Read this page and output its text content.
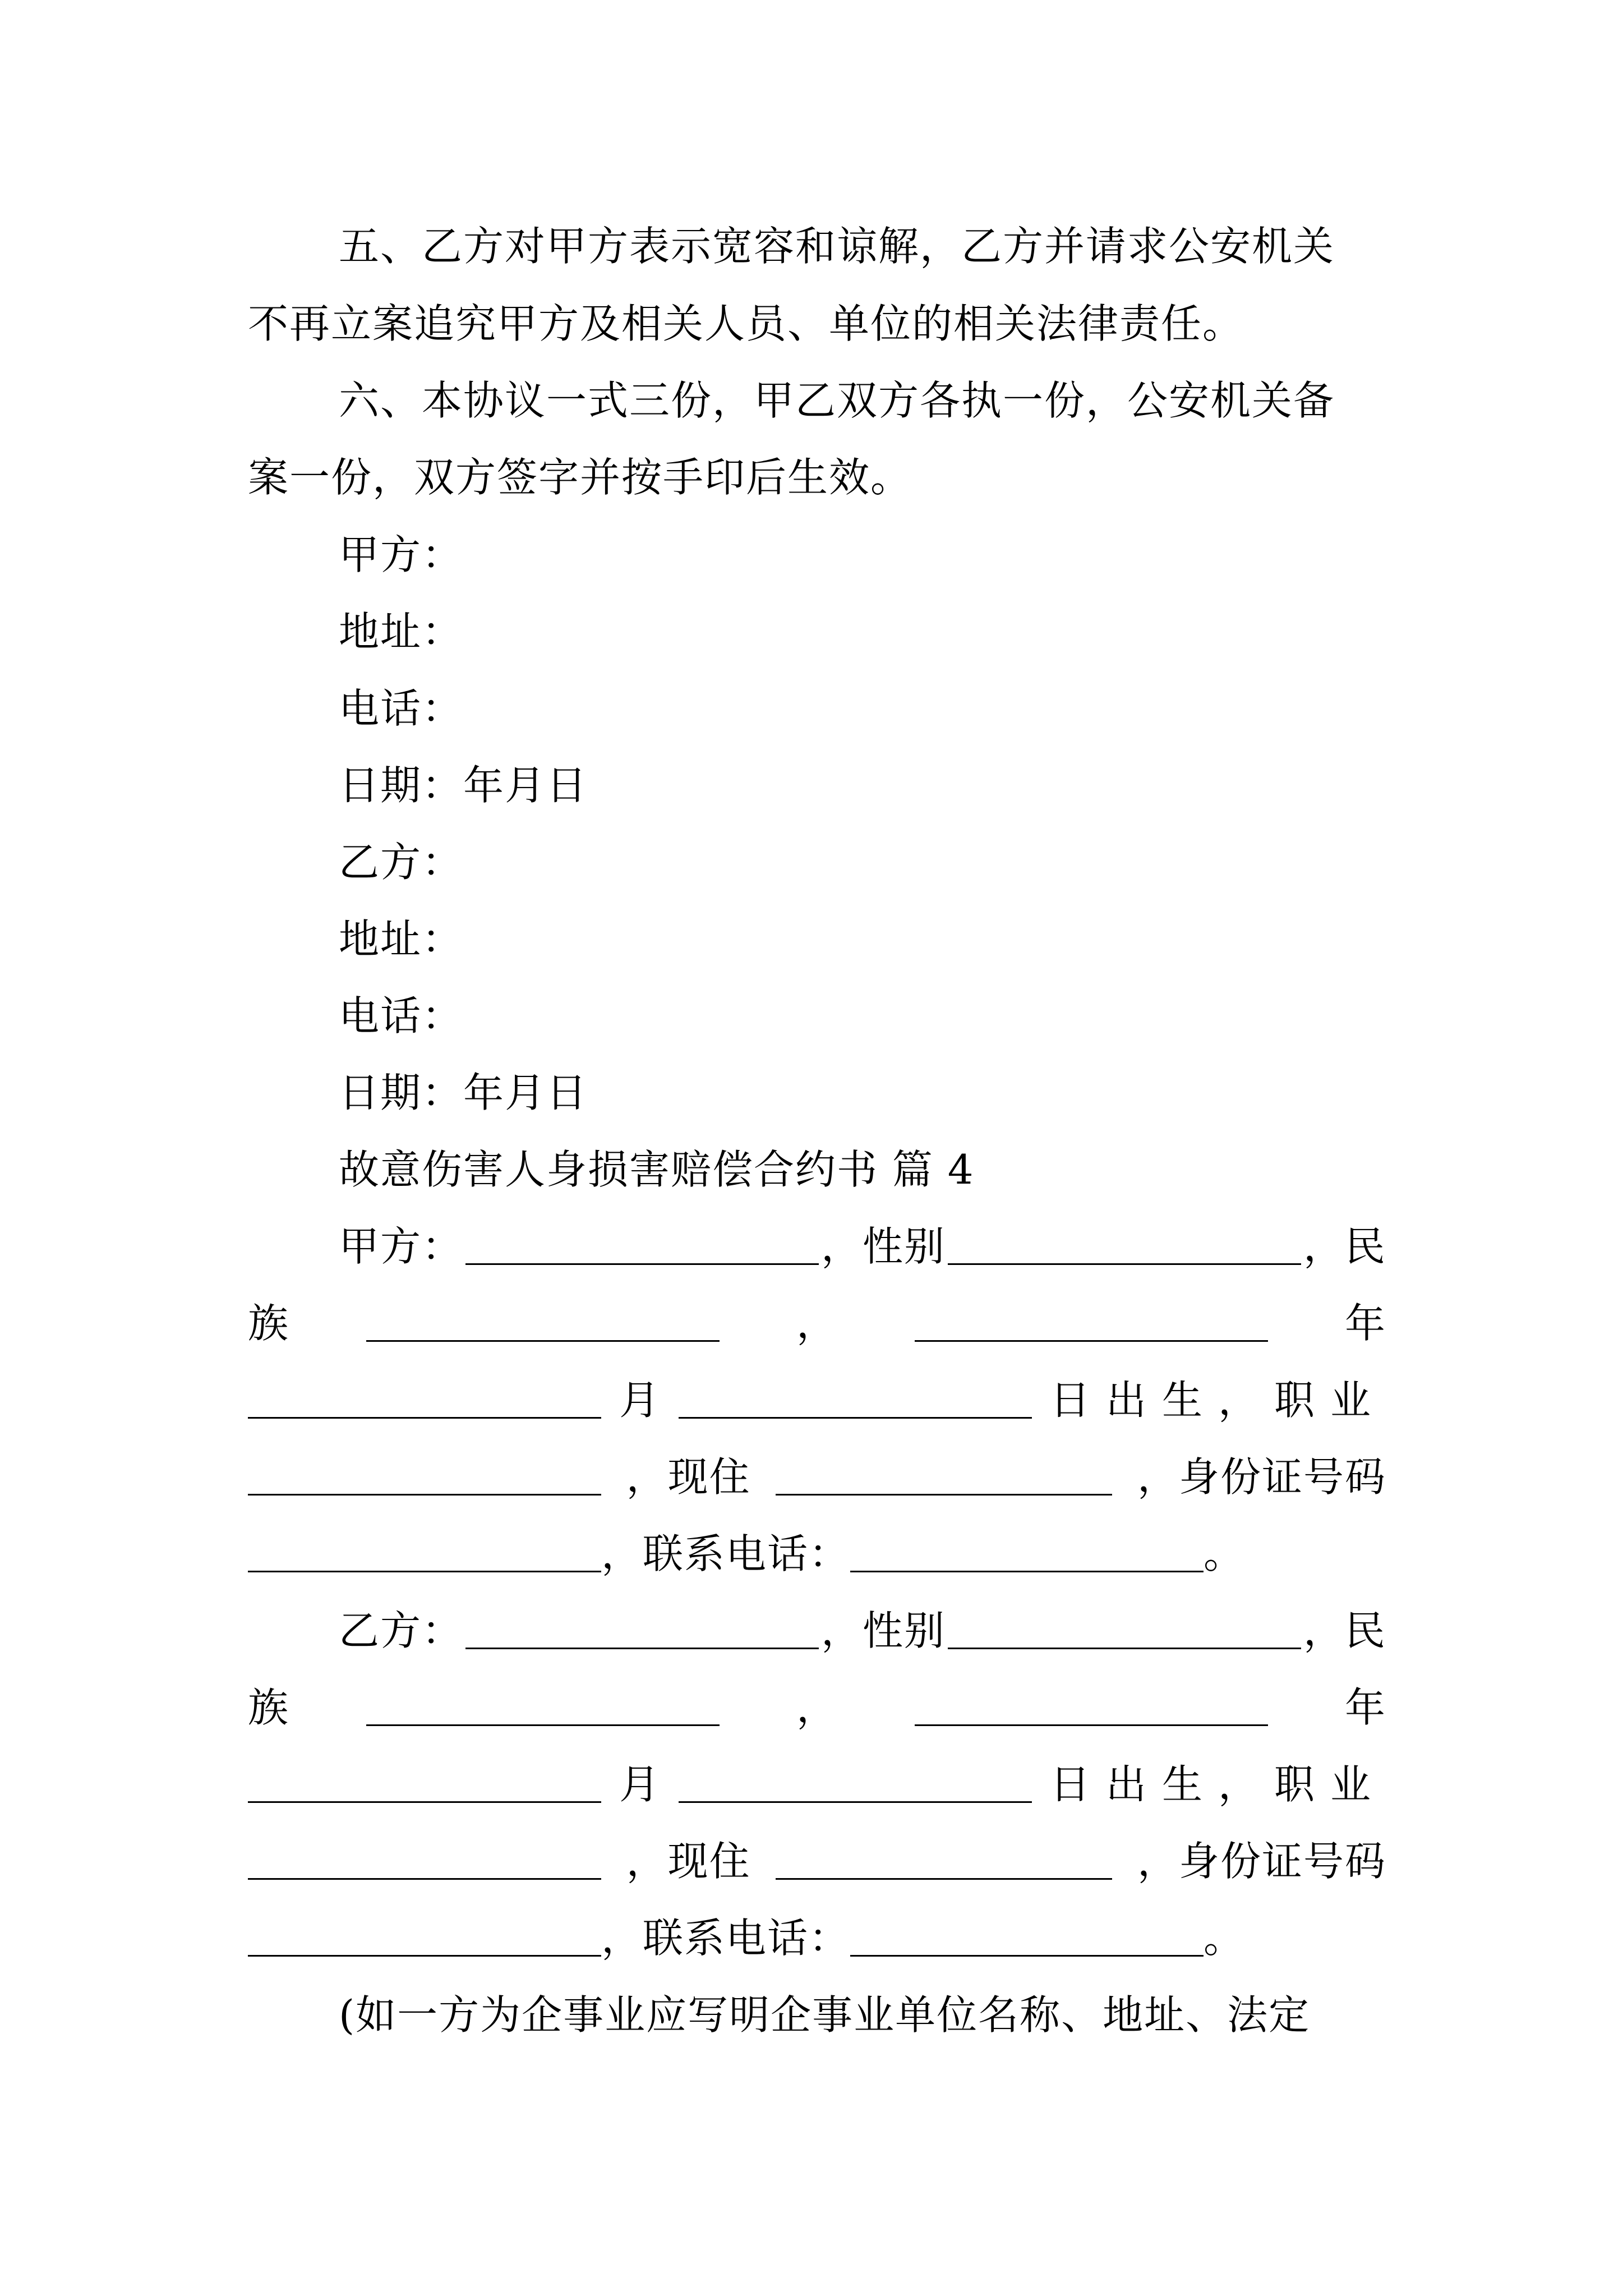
五、乙方对甲方表示宽容和谅解，乙方并请求公安机关
不再立案追究甲方及相关人员、单位的相关法律责任。
六、本协议一式三份，甲乙双方各执一份，公安机关备
案一份，双方签字并按手印后生效。
甲方：
地址：
电话：
日期：年月日
乙方：
地址：
电话：
日期：年月日
故意伤害人身损害赔偿合约书 篇 4
甲方：	，性别	，民
族	，	年
月	日出生，职业
，现住	，身份证号码
，联系电话：	。
乙方：	，性别	，民
族	，	年
月	日出生，职业
，现住	，身份证号码
，联系电话：	。
(如一方为企事业应写明企事业单位名称、地址、法定
